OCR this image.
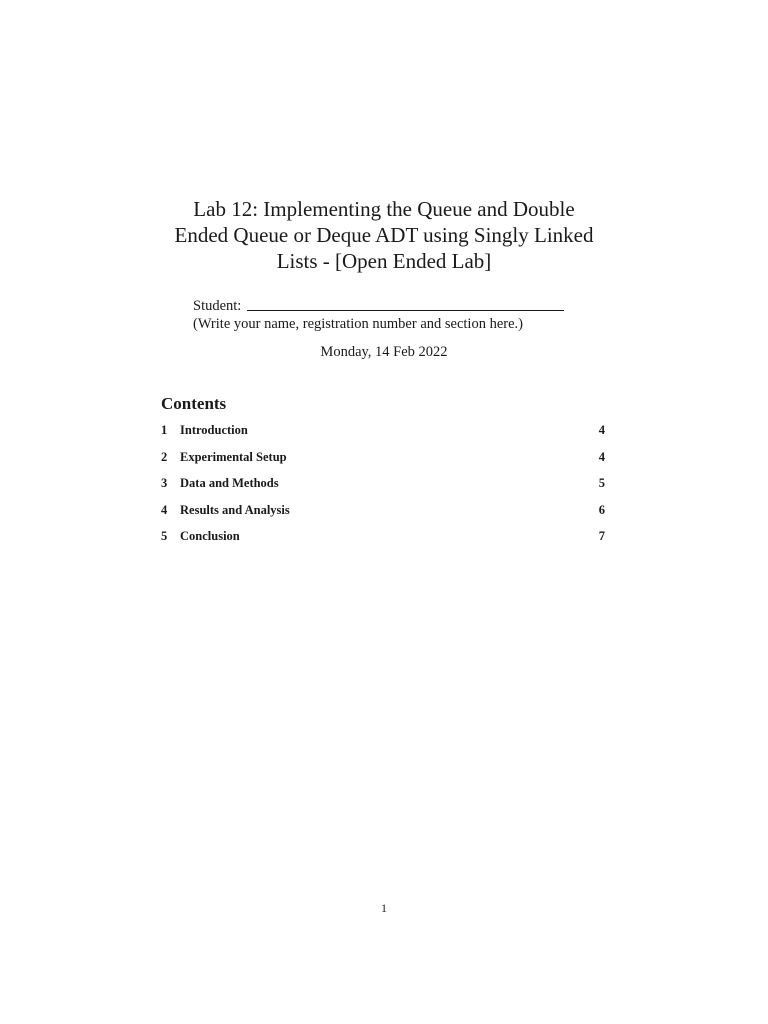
Lab 12: Implementing the Queue and Double
Ended Queue or Deque ADT using Singly Linked
Lists - [Open Ended Lab]
Student:
(Write your name, registration number and section here.)
Monday, 14 Feb 2022
Contents
1	Introduction	4
2	Experimental Setup	4
3	Data and Methods	5
4	Results and Analysis	6
5	Conclusion	7
1
